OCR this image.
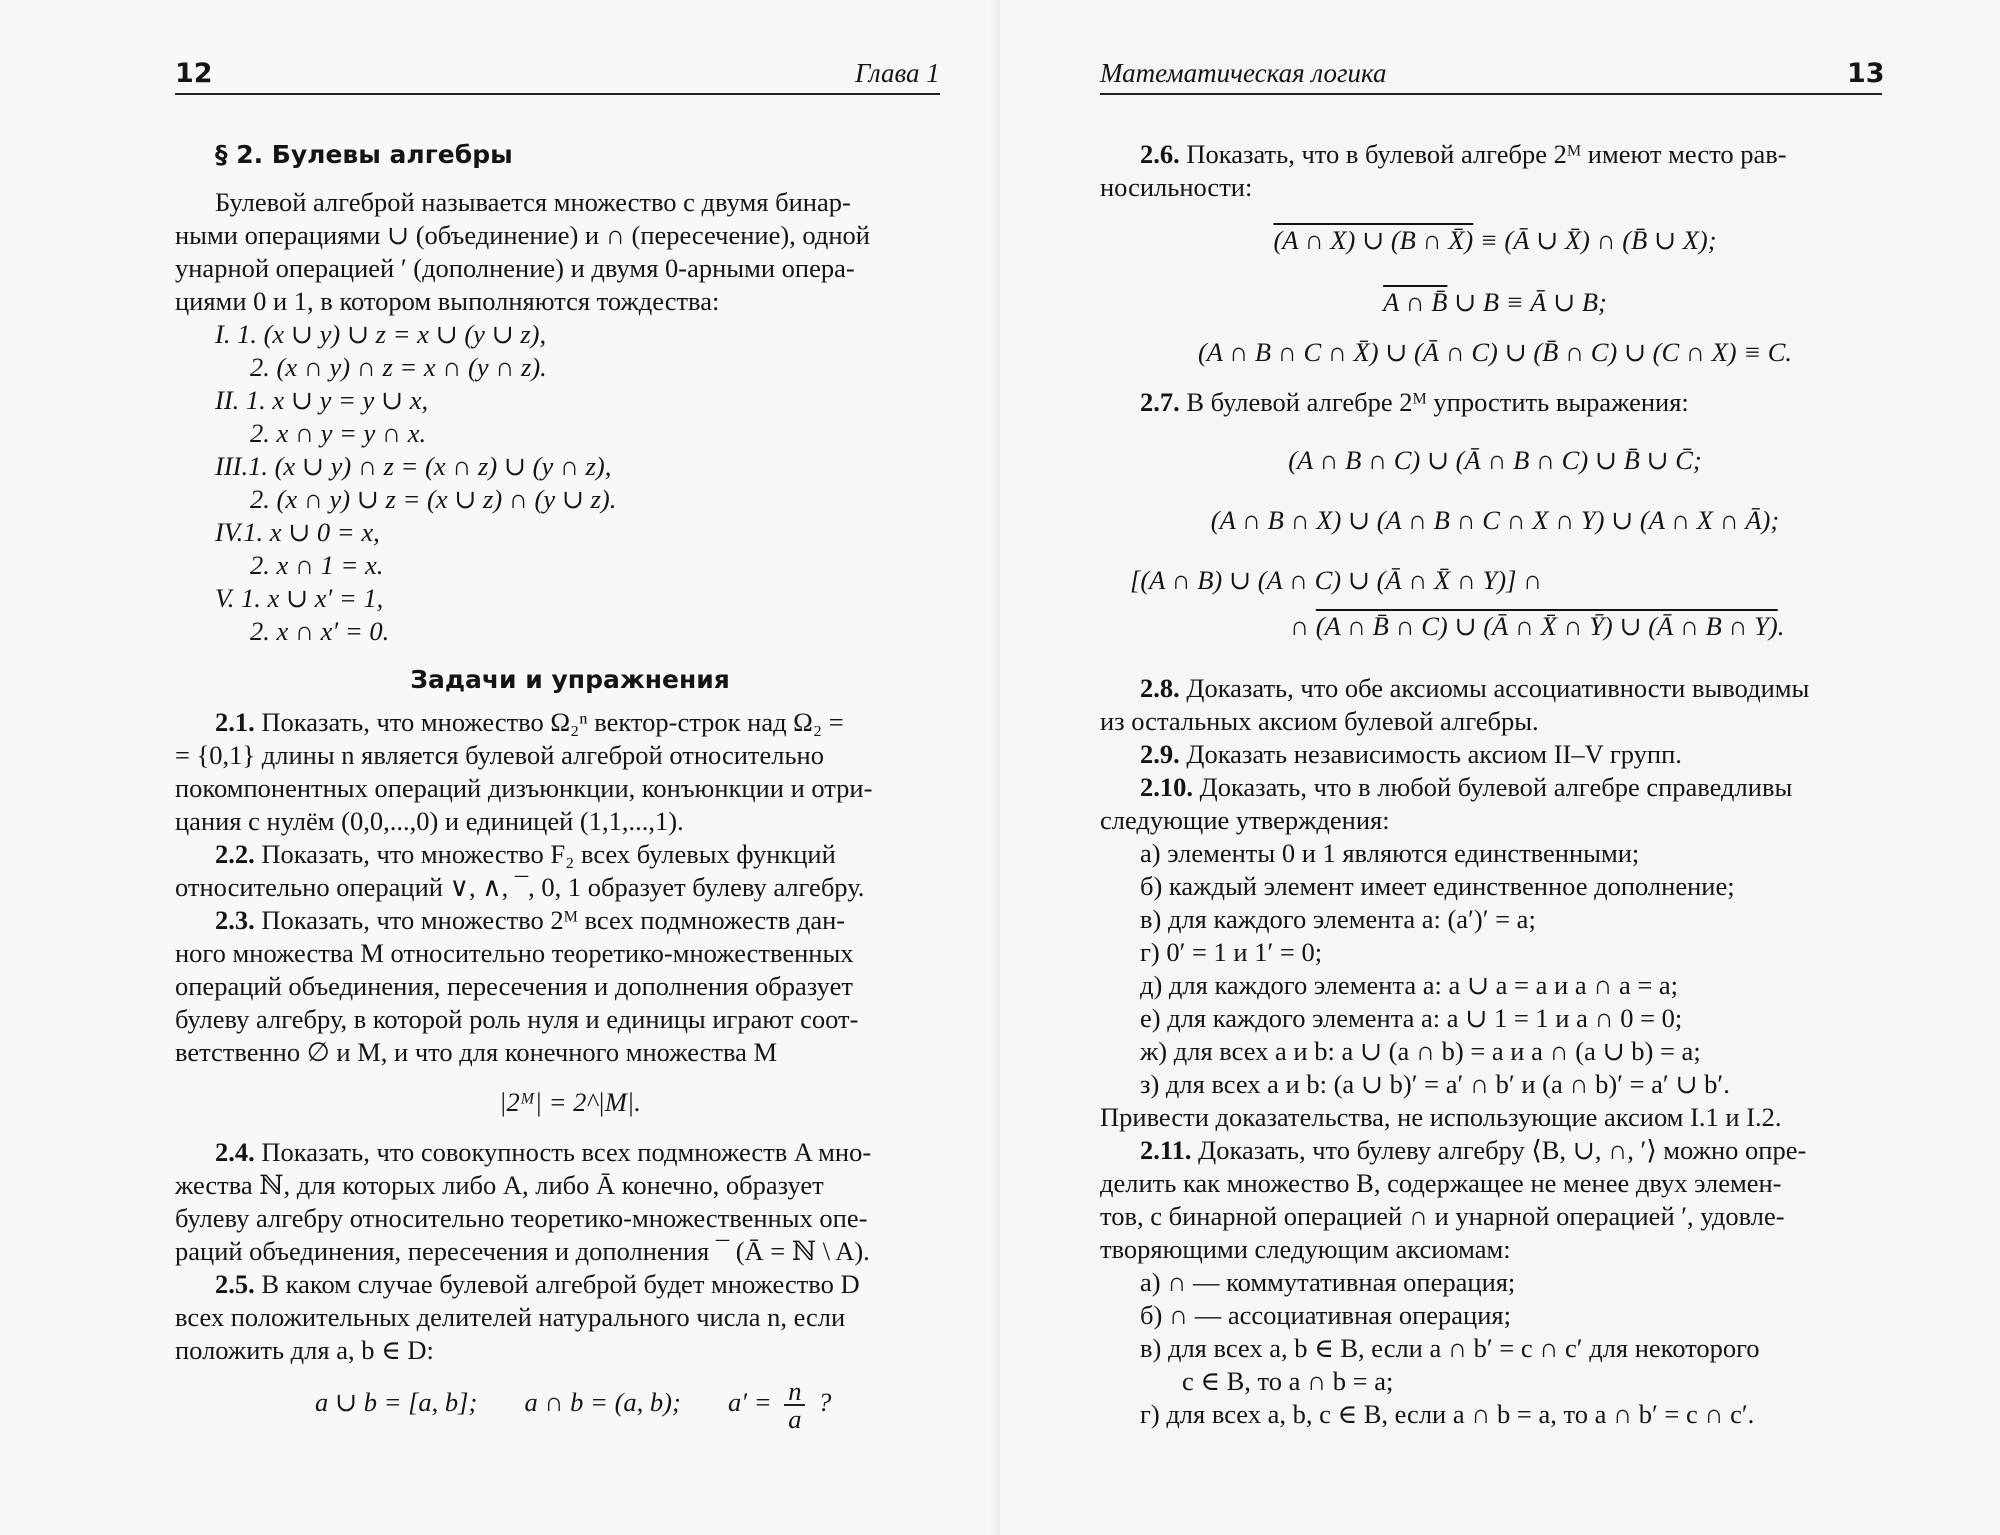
12	Глава 1
§ 2. Булевы алгебры
Булевой алгеброй называется множество с двумя бинар-
ными операциями ∪ (объединение) и ∩ (пересечение), одной
унарной операцией ′ (дополнение) и двумя 0-арными опера-
циями 0 и 1, в котором выполняются тождества:
I. 1. (x ∪ y) ∪ z = x ∪ (y ∪ z),
2. (x ∩ y) ∩ z = x ∩ (y ∩ z).
II. 1. x ∪ y = y ∪ x,
2. x ∩ y = y ∩ x.
III.1. (x ∪ y) ∩ z = (x ∩ z) ∪ (y ∩ z),
2. (x ∩ y) ∪ z = (x ∪ z) ∩ (y ∪ z).
IV.1. x ∪ 0 = x,
2. x ∩ 1 = x.
V. 1. x ∪ x′ = 1,
2. x ∩ x′ = 0.
Задачи и упражнения
2.1. Показать, что множество Ω₂ⁿ вектор-строк над Ω₂ =
= {0,1} длины n является булевой алгеброй относительно
покомпонентных операций дизъюнкции, конъюнкции и отри-
цания с нулём (0,0,...,0) и единицей (1,1,...,1).
2.2. Показать, что множество F₂ всех булевых функций
относительно операций ∨, ∧, ¯, 0, 1 образует булеву алгебру.
2.3. Показать, что множество 2ᴹ всех подмножеств дан-
ного множества M относительно теоретико-множественных
операций объединения, пересечения и дополнения образует
булеву алгебру, в которой роль нуля и единицы играют соот-
ветственно ∅ и M, и что для конечного множества M
|2ᴹ| = 2^|M|.
2.4. Показать, что совокупность всех подмножеств A мно-
жества ℕ, для которых либо A, либо Ā конечно, образует
булеву алгебру относительно теоретико-множественных опе-
раций объединения, пересечения и дополнения ¯ (Ā = ℕ \ A).
2.5. В каком случае булевой алгеброй будет множество D
всех положительных делителей натурального числа n, если
положить для a, b ∈ D:
a ∪ b = [a, b]; a ∩ b = (a, b); $a' = \frac{n}{a}$ ?
Математическая логика	13
2.6. Показать, что в булевой алгебре 2ᴹ имеют место рав-
носильности:
(A ∩ X) ∪ (B ∩ X̄) ≡ (Ā ∪ X̄) ∩ (B̄ ∪ X);
A ∩ B̄ ∪ B ≡ Ā ∪ B;
(A ∩ B ∩ C ∩ X̄) ∪ (Ā ∩ C) ∪ (B̄ ∩ C) ∪ (C ∩ X) ≡ C.
2.7. В булевой алгебре 2ᴹ упростить выражения:
(A ∩ B ∩ C) ∪ (Ā ∩ B ∩ C) ∪ B̄ ∪ C̄;
(A ∩ B ∩ X) ∪ (A ∩ B ∩ C ∩ X ∩ Y) ∪ (A ∩ X ∩ Ā);
[(A ∩ B) ∪ (A ∩ C) ∪ (Ā ∩ X̄ ∩ Y)] ∩
∩ (A ∩ B̄ ∩ C) ∪ (Ā ∩ X̄ ∩ Ȳ) ∪ (Ā ∩ B ∩ Y).
2.8. Доказать, что обе аксиомы ассоциативности выводимы
из остальных аксиом булевой алгебры.
2.9. Доказать независимость аксиом II–V групп.
2.10. Доказать, что в любой булевой алгебре справедливы
следующие утверждения:
а) элементы 0 и 1 являются единственными;
б) каждый элемент имеет единственное дополнение;
в) для каждого элемента a: (a′)′ = a;
г) 0′ = 1 и 1′ = 0;
д) для каждого элемента a: a ∪ a = a и a ∩ a = a;
е) для каждого элемента a: a ∪ 1 = 1 и a ∩ 0 = 0;
ж) для всех a и b: a ∪ (a ∩ b) = a и a ∩ (a ∪ b) = a;
з) для всех a и b: (a ∪ b)′ = a′ ∩ b′ и (a ∩ b)′ = a′ ∪ b′.
Привести доказательства, не использующие аксиом I.1 и I.2.
2.11. Доказать, что булеву алгебру ⟨B, ∪, ∩, ′⟩ можно опре-
делить как множество B, содержащее не менее двух элемен-
тов, с бинарной операцией ∩ и унарной операцией ′, удовле-
творяющими следующим аксиомам:
а) ∩ — коммутативная операция;
б) ∩ — ассоциативная операция;
в) для всех a, b ∈ B, если a ∩ b′ = c ∩ c′ для некоторого
c ∈ B, то a ∩ b = a;
г) для всех a, b, c ∈ B, если a ∩ b = a, то a ∩ b′ = c ∩ c′.
